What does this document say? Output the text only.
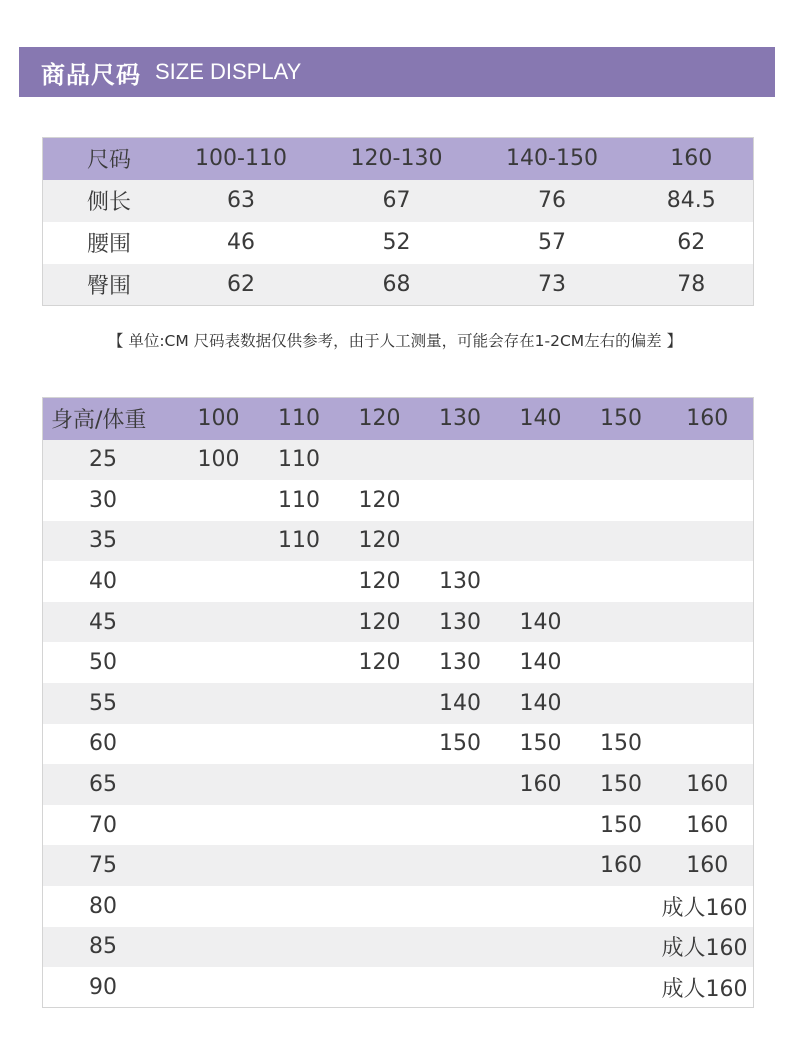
商品尺码 SIZE DISPLAY
尺码	100-110	120-130	140-150	160
侧长	63	67	76	84.5
腰围	46	52	57	62
臀围	62	68	73	78
【 单位:CM 尺码表数据仅供参考，由于人工测量，可能会存在1-2CM左右的偏差 】
身高/体重	100	110	120	130	140	150	160
25	100	110					
30		110	120				
35		110	120				
40			120	130			
45			120	130	140		
50			120	130	140		
55				140	140		
60				150	150	150	
65					160	150	160
70						150	160
75						160	160
80							成人160
85							成人160
90							成人160
